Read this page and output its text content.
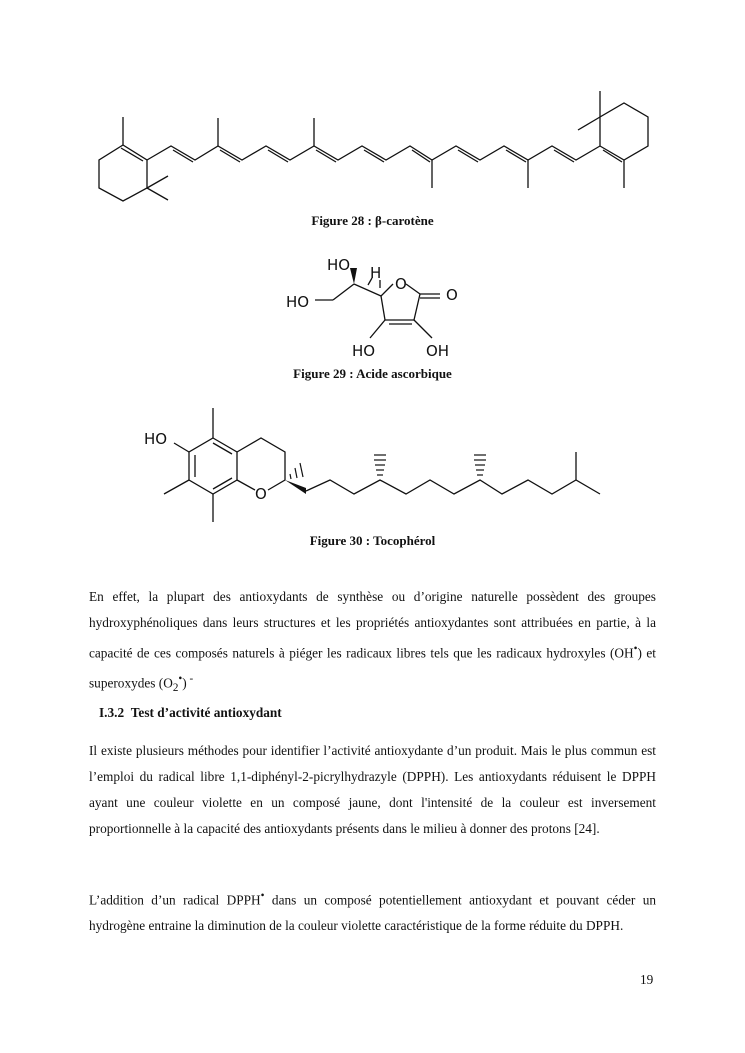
Figure 28 : β-carotène
HO H
O
O
HO
HO	OH
Figure 29 : Acide ascorbique
HO
O
Figure 30 : Tocophérol
En effet, la plupart des antioxydants de synthèse ou d’origine naturelle possèdent des groupes hydroxyphénoliques dans leurs structures et les propriétés antioxydantes sont attribuées en partie, à la capacité de ces composés naturels à piéger les radicaux libres tels que les radicaux hydroxyles (OH•) et superoxydes $(O_2^•)$ -
I.3.2 Test d’activité antioxydant
Il existe plusieurs méthodes pour identifier l’activité antioxydante d’un produit. Mais le plus commun est l’emploi du radical libre 1,1-diphényl-2-picrylhydrazyle (DPPH). Les antioxydants réduisent le DPPH ayant une couleur violette en un composé jaune, dont l'intensité de la couleur est inversement proportionnelle à la capacité des antioxydants présents dans le milieu à donner des protons [24].
L’addition d’un radical DPPH• dans un composé potentiellement antioxydant et pouvant céder un hydrogène entraine la diminution de la couleur violette caractéristique de la forme réduite du DPPH.
19
